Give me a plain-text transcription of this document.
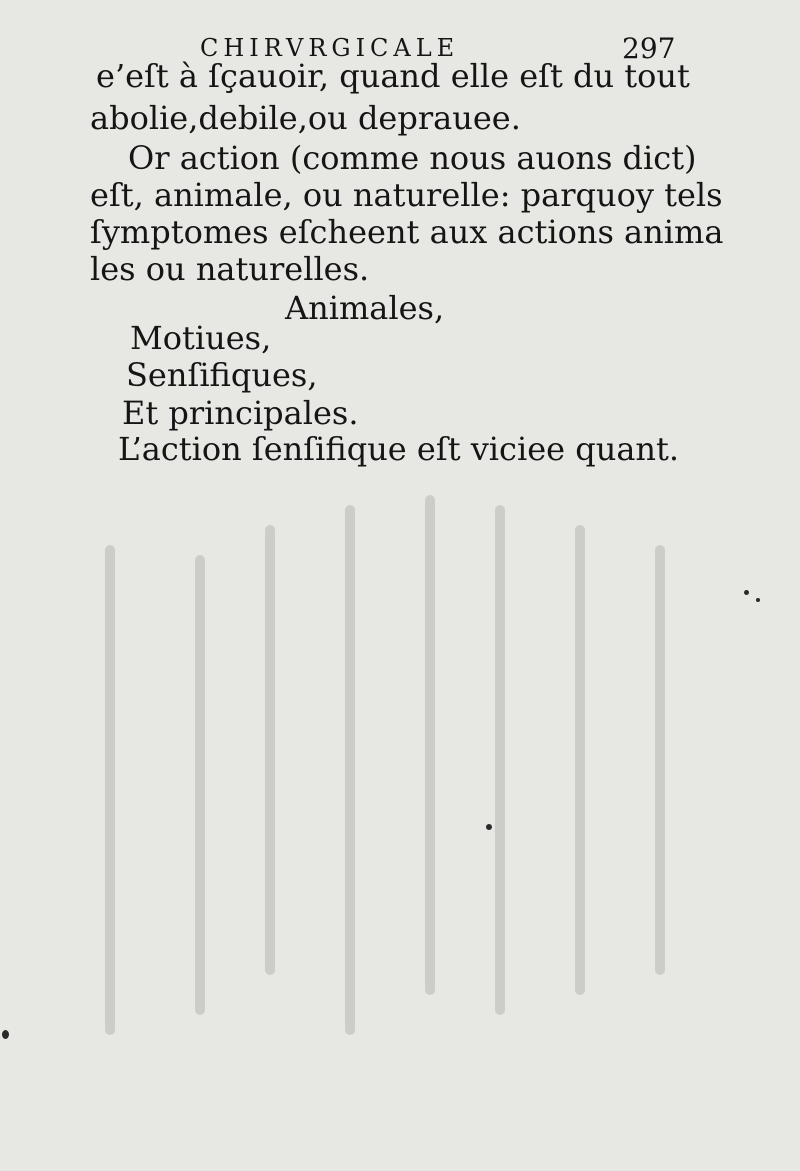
CHIRVRGICALE	297
e’eſt à ſçauoir, quand elle eſt du tout
abolie,debile,ou deprauee.
Or action (comme nous auons dict)
eſt, animale, ou naturelle: parquoy tels
ſymptomes eſcheent aux actions anima
les ou naturelles.
Animales,
Motiues,
Senſifiques,
Et principales.
L’action ſenſifique eſt viciee quant.
